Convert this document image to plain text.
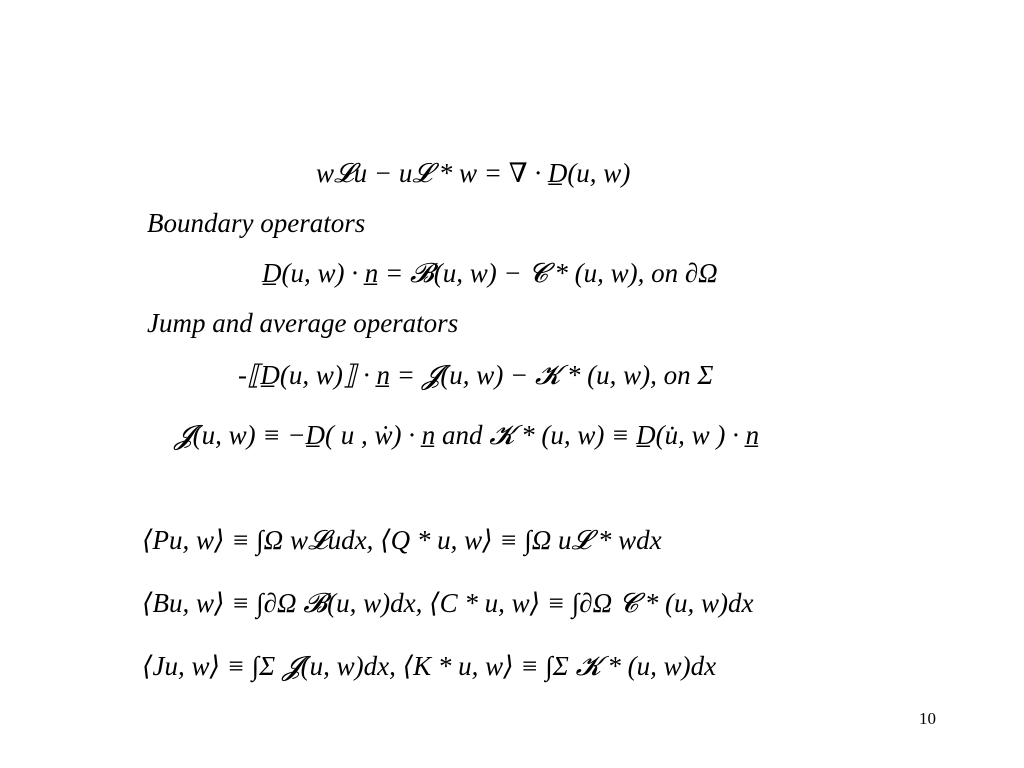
w𝓛u − u𝓛 * w = ∇ · D̲(u, w)
Boundary operators
D̲(u, w) · n̲ = 𝓑(u, w) − 𝓒 * (u, w), on ∂Ω
Jump and average operators
-⟦D̲(u, w)⟧ · n̲ = 𝓙(u, w) − 𝓚 * (u, w), on Σ
𝓙(u, w) ≡ −D̲( u , ẇ) · n̲ and 𝓚 * (u, w) ≡ D̲(u̇, w ) · n̲
⟨Pu, w⟩ ≡ ∫Ω w𝓛udx, ⟨Q * u, w⟩ ≡ ∫Ω u𝓛 * wdx
⟨Bu, w⟩ ≡ ∫∂Ω 𝓑(u, w)dx, ⟨C * u, w⟩ ≡ ∫∂Ω 𝓒 * (u, w)dx
⟨Ju, w⟩ ≡ ∫Σ 𝓙(u, w)dx, ⟨K * u, w⟩ ≡ ∫Σ 𝓚 * (u, w)dx
10
